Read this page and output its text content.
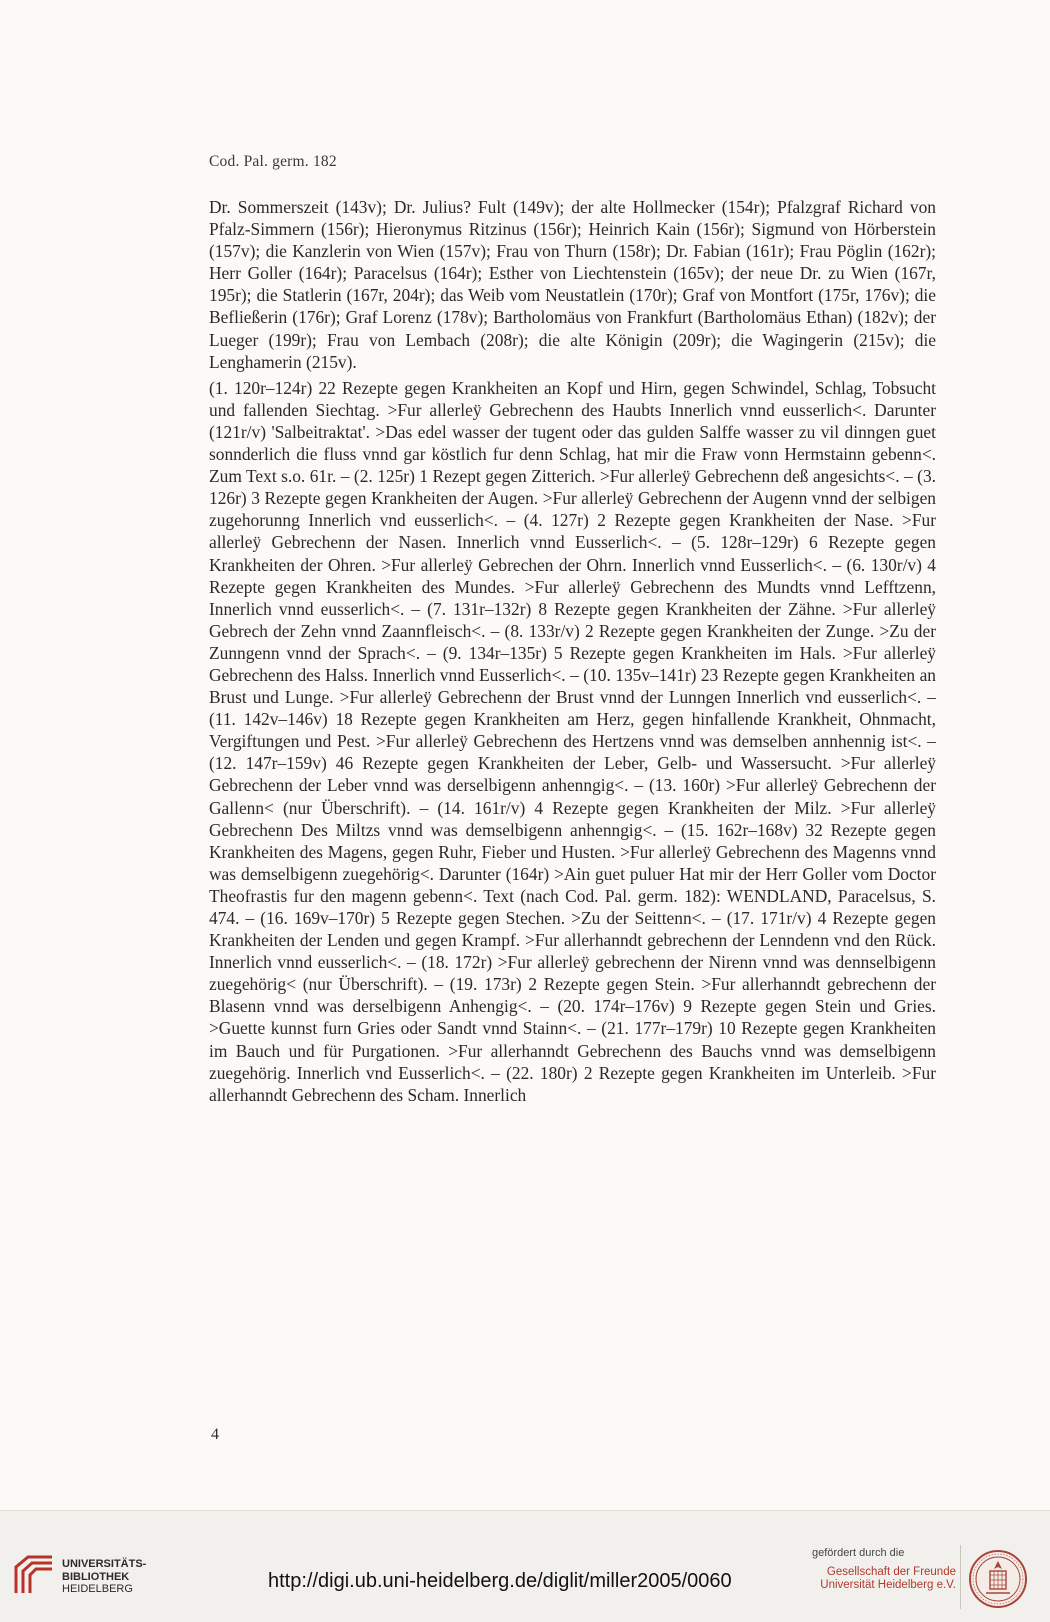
Cod. Pal. germ. 182

Dr. Sommerszeit (143v); Dr. Julius? Fult (149v); der alte Hollmecker (154r); Pfalzgraf Richard von Pfalz-Simmern (156r); Hieronymus Ritzinus (156r); Heinrich Kain (156r); Sigmund von Hörberstein (157v); die Kanzlerin von Wien (157v); Frau von Thurn (158r); Dr. Fabian (161r); Frau Pöglin (162r); Herr Goller (164r); Paracelsus (164r); Esther von Liechtenstein (165v); der neue Dr. zu Wien (167r, 195r); die Statlerin (167r, 204r); das Weib vom Neustatlein (170r); Graf von Montfort (175r, 176v); die Befließerin (176r); Graf Lorenz (178v); Bartholomäus von Frankfurt (Bartholomäus Ethan) (182v); der Lueger (199r); Frau von Lembach (208r); die alte Königin (209r); die Wagingerin (215v); die Lenghamerin (215v).

(1. 120r–124r) 22 Rezepte gegen Krankheiten an Kopf und Hirn, gegen Schwindel, Schlag, Tobsucht und fallenden Siechtag. >Fur allerleÿ Gebrechenn des Haubts Innerlich vnnd eusserlich<. Darunter (121r/v) 'Salbeitraktat'. >Das edel wasser der tugent oder das gulden Salffe wasser zu vil dinngen guet sonnderlich die fluss vnnd gar köstlich fur denn Schlag, hat mir die Fraw vonn Hermstainn gebenn<. Zum Text s.o. 61r. – (2. 125r) 1 Rezept gegen Zitterich. >Fur allerleÿ Gebrechenn deß angesichts<. – (3. 126r) 3 Rezepte gegen Krankheiten der Augen. >Fur allerleÿ Gebrechenn der Augenn vnnd der selbigen zugehorunng Innerlich vnd eusserlich<. – (4. 127r) 2 Rezepte gegen Krankheiten der Nase. >Fur allerleÿ Gebrechenn der Nasen. Innerlich vnnd Eusserlich<. – (5. 128r–129r) 6 Rezepte gegen Krankheiten der Ohren. >Fur allerleÿ Gebrechen der Ohrn. Innerlich vnnd Eusserlich<. – (6. 130r/v) 4 Rezepte gegen Krankheiten des Mundes. >Fur allerleÿ Gebrechenn des Mundts vnnd Lefftzenn, Innerlich vnnd eusserlich<. – (7. 131r–132r) 8 Rezepte gegen Krankheiten der Zähne. >Fur allerleÿ Gebrech der Zehn vnnd Zaannfleisch<. – (8. 133r/v) 2 Rezepte gegen Krankheiten der Zunge. >Zu der Zunngenn vnnd der Sprach<. – (9. 134r–135r) 5 Rezepte gegen Krankheiten im Hals. >Fur allerleÿ Gebrechenn des Halss. Innerlich vnnd Eusserlich<. – (10. 135v–141r) 23 Rezepte gegen Krankheiten an Brust und Lunge. >Fur allerleÿ Gebrechenn der Brust vnnd der Lunngen Innerlich vnd eusserlich<. – (11. 142v–146v) 18 Rezepte gegen Krankheiten am Herz, gegen hinfallende Krankheit, Ohnmacht, Vergiftungen und Pest. >Fur allerleÿ Gebrechenn des Hertzens vnnd was demselben annhennig ist<. – (12. 147r–159v) 46 Rezepte gegen Krankheiten der Leber, Gelb- und Wassersucht. >Fur allerleÿ Gebrechenn der Leber vnnd was derselbigenn anhenngig<. – (13. 160r) >Fur allerleÿ Gebrechenn der Gallenn< (nur Überschrift). – (14. 161r/v) 4 Rezepte gegen Krankheiten der Milz. >Fur allerleÿ Gebrechenn Des Miltzs vnnd was demselbigenn anhenngig<. – (15. 162r–168v) 32 Rezepte gegen Krankheiten des Magens, gegen Ruhr, Fieber und Husten. >Fur allerleÿ Gebrechenn des Magenns vnnd was demselbigenn zuegehörig<. Darunter (164r) >Ain guet puluer Hat mir der Herr Goller vom Doctor Theofrastis fur den magenn gebenn<. Text (nach Cod. Pal. germ. 182): WENDLAND, Paracelsus, S. 474. – (16. 169v–170r) 5 Rezepte gegen Stechen. >Zu der Seittenn<. – (17. 171r/v) 4 Rezepte gegen Krankheiten der Lenden und gegen Krampf. >Fur allerhanndt gebrechenn der Lenndenn vnd den Rück. Innerlich vnnd eusserlich<. – (18. 172r) >Fur allerleÿ gebrechenn der Nirenn vnnd was dennselbigenn zuegehörig< (nur Überschrift). – (19. 173r) 2 Rezepte gegen Stein. >Fur allerhanndt gebrechenn der Blasenn vnnd was derselbigenn Anhengig<. – (20. 174r–176v) 9 Rezepte gegen Stein und Gries. >Guette kunnst furn Gries oder Sandt vnnd Stainn<. – (21. 177r–179r) 10 Rezepte gegen Krankheiten im Bauch und für Purgationen. >Fur allerhanndt Gebrechenn des Bauchs vnnd was demselbigenn zuegehörig. Innerlich vnd Eusserlich<. – (22. 180r) 2 Rezepte gegen Krankheiten im Unterleib. >Fur allerhanndt Gebrechenn des Scham. Innerlich

4
UNIVERSITÄTS-
BIBLIOTHEK
HEIDELBERG	http://digi.ub.uni-heidelberg.de/diglit/miller2005/0060
gefördert durch die
Gesellschaft der Freunde
Universität Heidelberg e.V.
